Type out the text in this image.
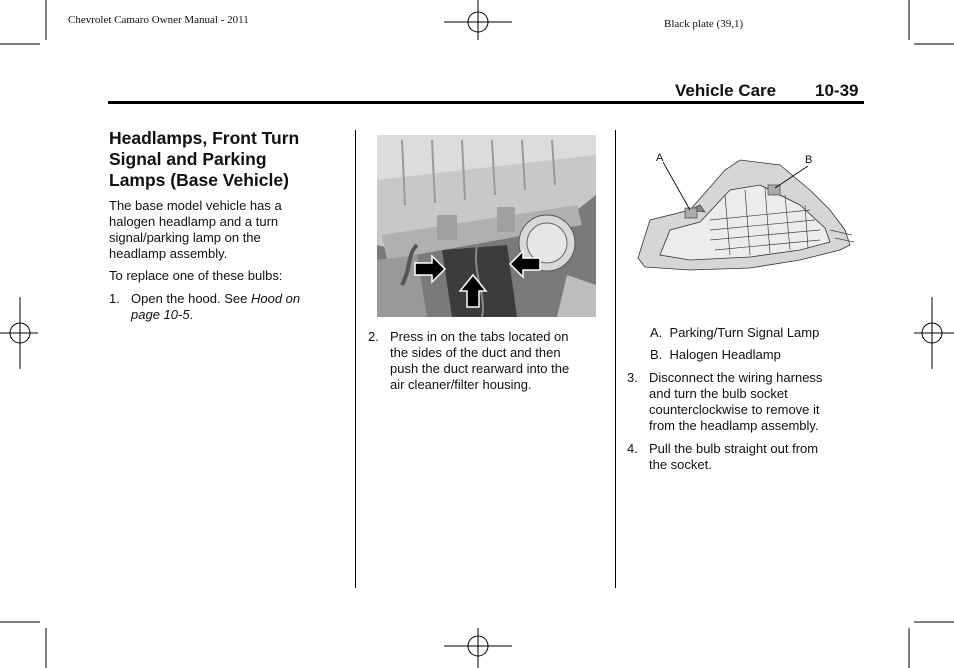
Chevrolet Camaro Owner Manual - 2011	Black plate (39,1)
Vehicle Care 10-39
Headlamps, Front Turn
Signal and Parking
Lamps (Base Vehicle)
The base model vehicle has a
halogen headlamp and a turn
signal/parking lamp on the
headlamp assembly.
To replace one of these bulbs:
1. Open the hood. See Hood on
page 10-5.
2. Press in on the tabs located on
the sides of the duct and then
push the duct rearward into the
air cleaner/filter housing.
A	B
A. Parking/Turn Signal Lamp
B. Halogen Headlamp
3. Disconnect the wiring harness
and turn the bulb socket
counterclockwise to remove it
from the headlamp assembly.
4. Pull the bulb straight out from
the socket.
